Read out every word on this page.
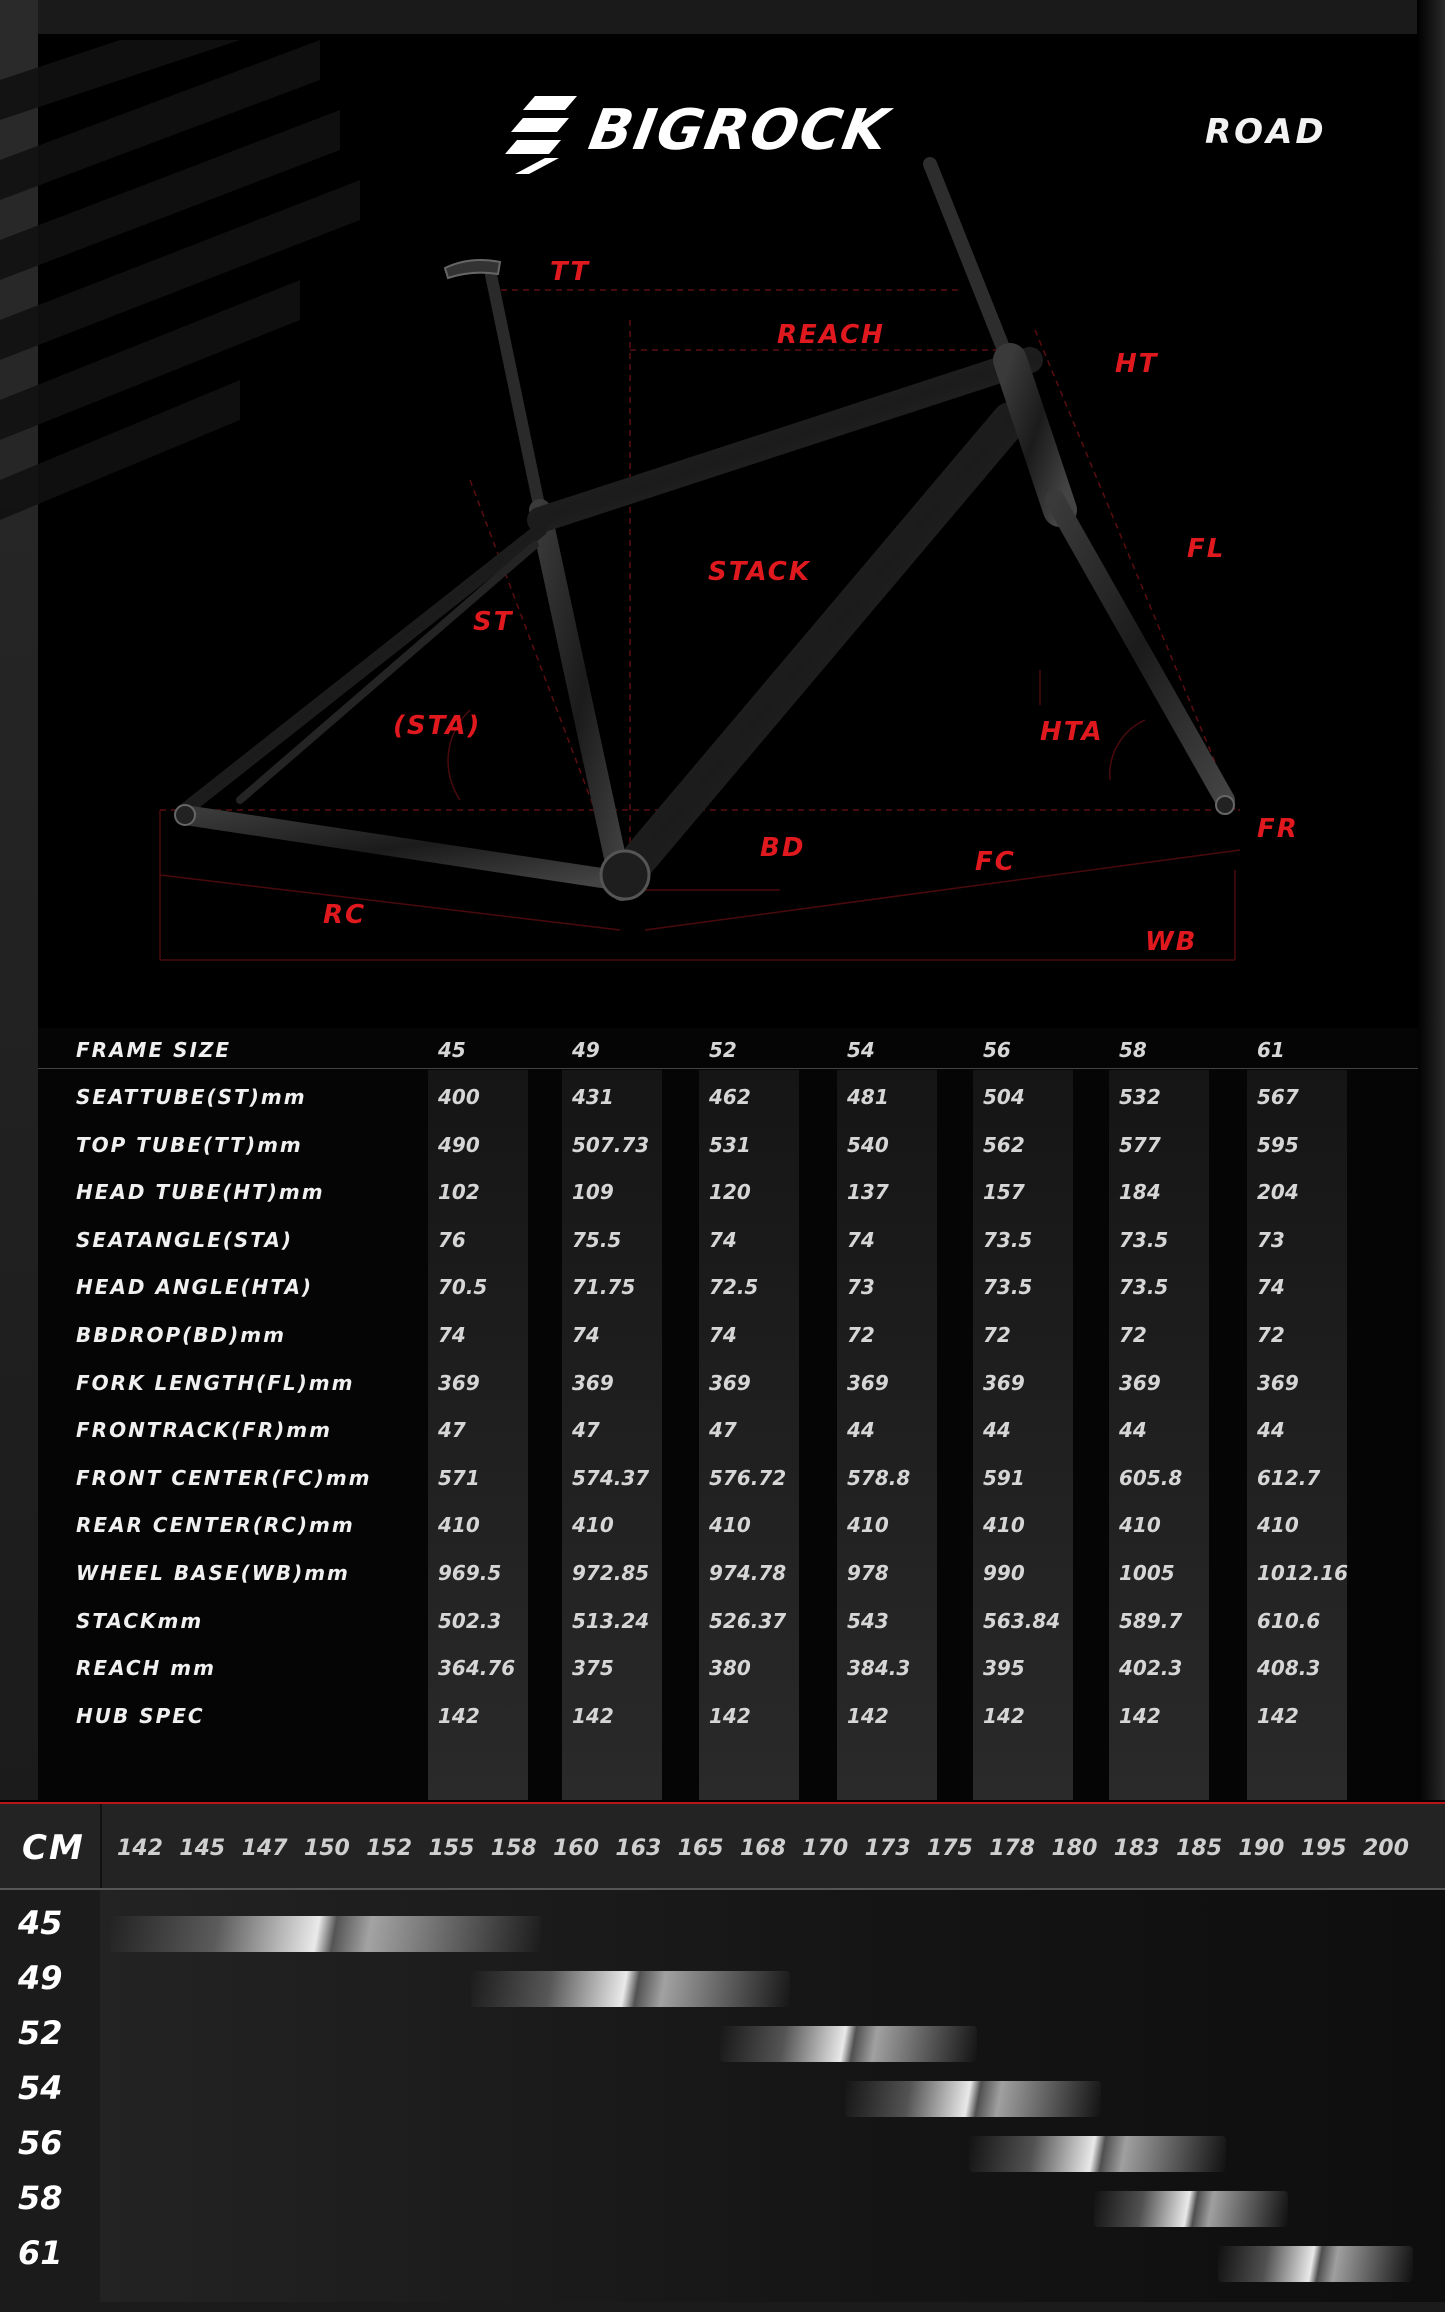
BIGROCK	ROAD
TT
REACH
HT
FL
STACK
ST
(STA)	HTA
BD	FC
FR
RC
WB
FRAME SIZE	45	49	52	54	56	58	61
SEATTUBE(ST)mm	400	431	462	481	504	532	567
TOP TUBE(TT)mm	490	507.73	531	540	562	577	595
HEAD TUBE(HT)mm	102	109	120	137	157	184	204
SEATANGLE(STA)	76	75.5	74	74	73.5	73.5	73
HEAD ANGLE(HTA)	70.5	71.75	72.5	73	73.5	73.5	74
BBDROP(BD)mm	74	74	74	72	72	72	72
FORK LENGTH(FL)mm	369	369	369	369	369	369	369
FRONTRACK(FR)mm	47	47	47	44	44	44	44
FRONT CENTER(FC)mm	571	574.37	576.72	578.8	591	605.8	612.7
REAR CENTER(RC)mm	410	410	410	410	410	410	410
WHEEL BASE(WB)mm	969.5	972.85	974.78	978	990	1005	1012.16
STACKmm	502.3	513.24	526.37	543	563.84	589.7	610.6
REACH mm	364.76	375	380	384.3	395	402.3	408.3
HUB SPEC	142	142	142	142	142	142	142
CM 142 145 147 150 152 155 158 160 163 165 168 170 173 175 178 180 183 185 190 195 200
45
49
52
54
56
58
61
